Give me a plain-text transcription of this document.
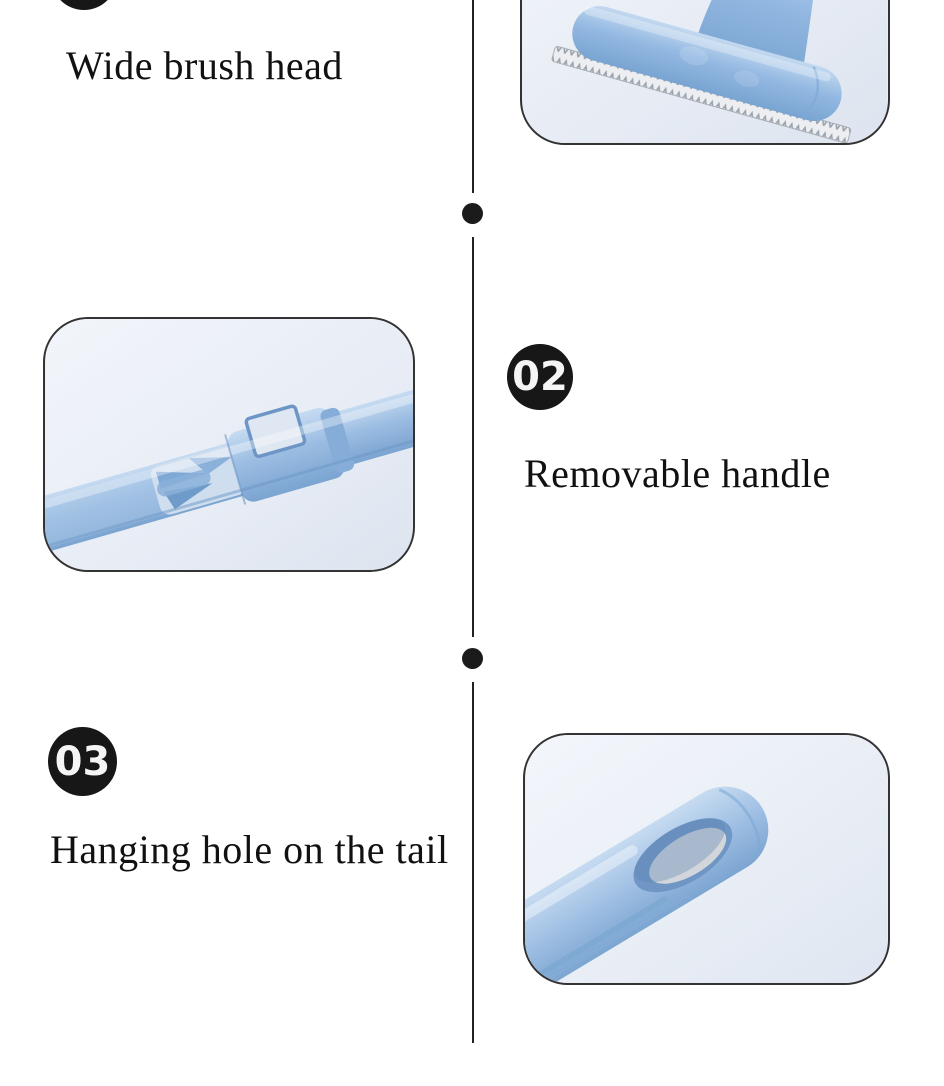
Wide brush head
02
Removable handle
03
Hanging hole on the tail
